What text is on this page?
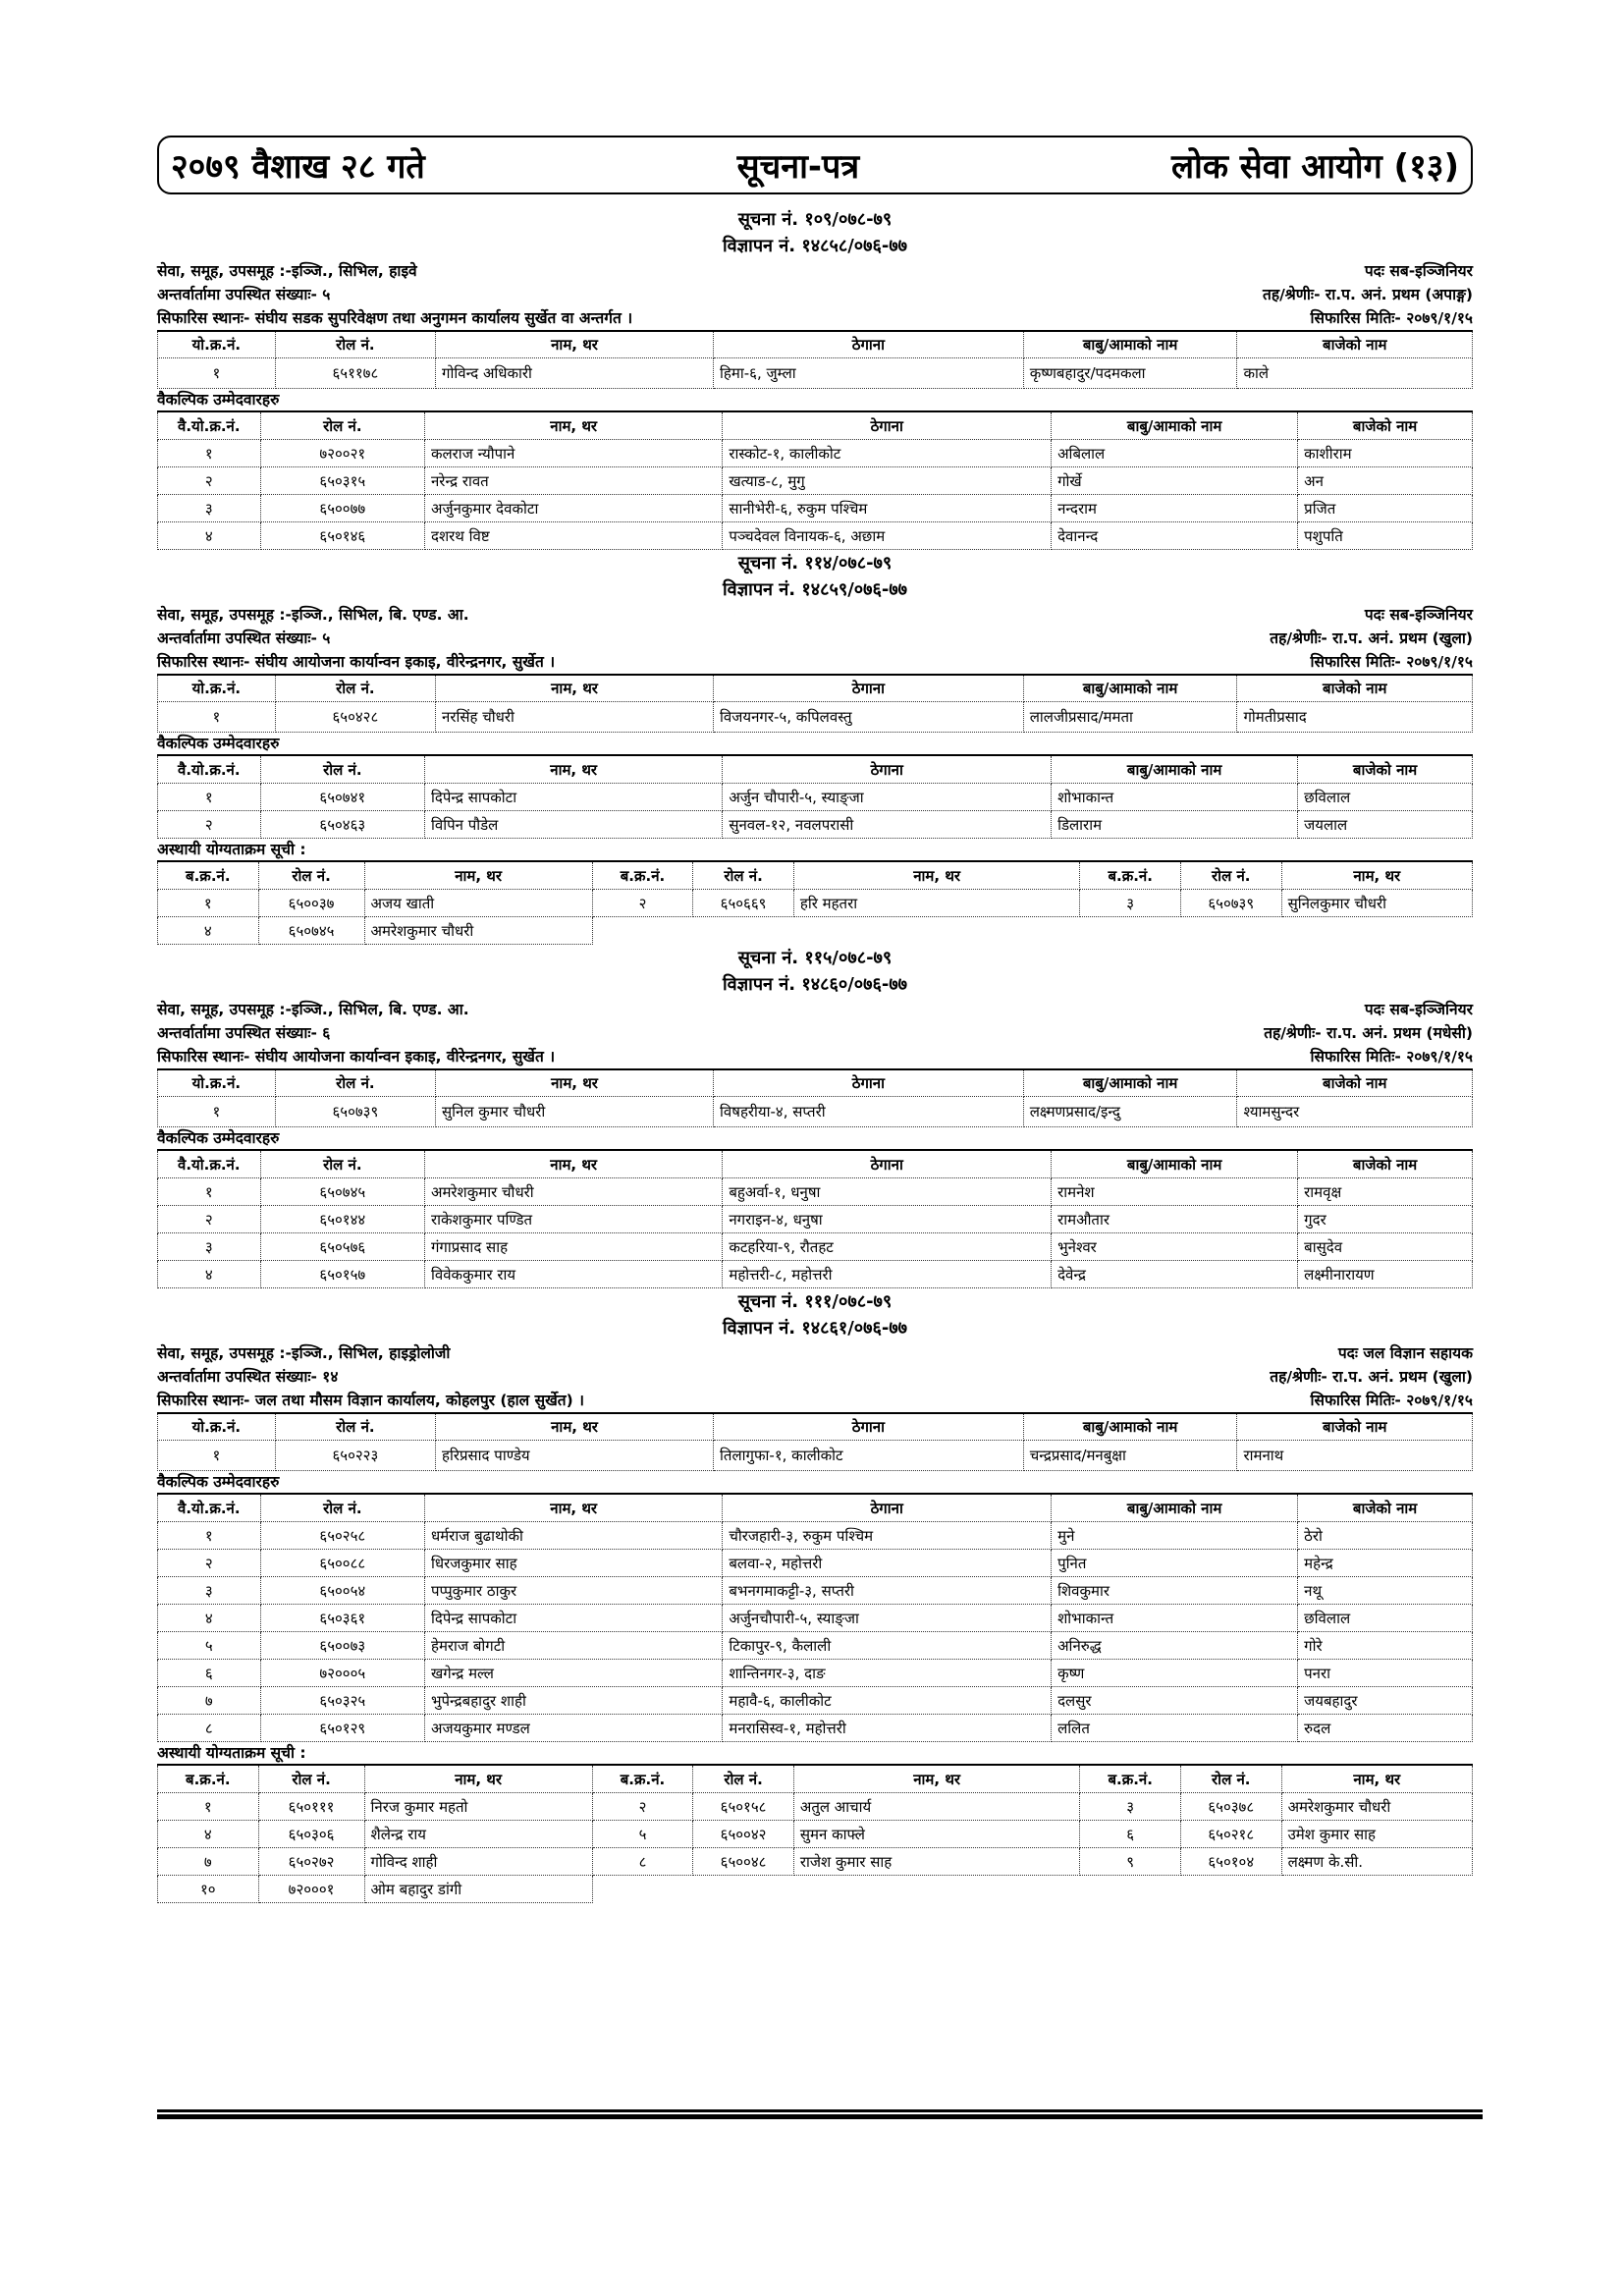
२०७९ वैशाख २८ गते	सूचना-पत्र	लोक सेवा आयोग (१३)
सूचना नं. १०९/०७८-७९
विज्ञापन नं. १४८५८/०७६-७७
सेवा, समूह, उपसमूह :-इञ्जि., सिभिल, हाइवे	पदः सब-इञ्जिनियर
अन्तर्वार्तामा उपस्थित संख्याः- ५	तह/श्रेणीः- रा.प. अनं. प्रथम (अपाङ्ग)
सिफारिस स्थानः- संघीय सडक सुपरिवेक्षण तथा अनुगमन कार्यालय सुर्खेत वा अन्तर्गत ।	सिफारिस मितिः- २०७९/१/१५
यो.क्र.नं.	रोल नं.	नाम, थर	ठेगाना	बाबु/आमाको नाम	बाजेको नाम
१	६५११७८	गोविन्द अधिकारी	हिमा-६, जुम्ला	कृष्णबहादुर/पदमकला	काले
वैकल्पिक उम्मेदवारहरु
वै.यो.क्र.नं.	रोल नं.	नाम, थर	ठेगाना	बाबु/आमाको नाम	बाजेको नाम
१	७२००२१	कलराज न्यौपाने	रास्कोट-१, कालीकोट	अबिलाल	काशीराम
२	६५०३१५	नरेन्द्र रावत	खत्याड-८, मुगु	गोर्खे	अन
३	६५००७७	अर्जुनकुमार देवकोटा	सानीभेरी-६, रुकुम पश्चिम	नन्दराम	प्रजित
४	६५०१४६	दशरथ विष्ट	पञ्चदेवल विनायक-६, अछाम	देवानन्द	पशुपति
सूचना नं. ११४/०७८-७९
विज्ञापन नं. १४८५९/०७६-७७
सेवा, समूह, उपसमूह :-इञ्जि., सिभिल, बि. एण्ड. आ.	पदः सब-इञ्जिनियर
अन्तर्वार्तामा उपस्थित संख्याः- ५	तह/श्रेणीः- रा.प. अनं. प्रथम (खुला)
सिफारिस स्थानः- संघीय आयोजना कार्यान्वन इकाइ, वीरेन्द्रनगर, सुर्खेत ।	सिफारिस मितिः- २०७९/१/१५
यो.क्र.नं.	रोल नं.	नाम, थर	ठेगाना	बाबु/आमाको नाम	बाजेको नाम
१	६५०४२८	नरसिंह चौधरी	विजयनगर-५, कपिलवस्तु	लालजीप्रसाद/ममता	गोमतीप्रसाद
वैकल्पिक उम्मेदवारहरु
वै.यो.क्र.नं.	रोल नं.	नाम, थर	ठेगाना	बाबु/आमाको नाम	बाजेको नाम
१	६५०७४१	दिपेन्द्र सापकोटा	अर्जुन चौपारी-५, स्याङ्जा	शोभाकान्त	छविलाल
२	६५०४६३	विपिन पौडेल	सुनवल-१२, नवलपरासी	डिलाराम	जयलाल
अस्थायी योग्यताक्रम सूची :
ब.क्र.नं.	रोल नं.	नाम, थर	ब.क्र.नं.	रोल नं.	नाम, थर	ब.क्र.नं.	रोल नं.	नाम, थर
१	६५००३७	अजय खाती	२	६५०६६९	हरि महतरा	३	६५०७३९	सुनिलकुमार चौधरी
४	६५०७४५	अमरेशकुमार चौधरी						
सूचना नं. ११५/०७८-७९
विज्ञापन नं. १४८६०/०७६-७७
सेवा, समूह, उपसमूह :-इञ्जि., सिभिल, बि. एण्ड. आ.	पदः सब-इञ्जिनियर
अन्तर्वार्तामा उपस्थित संख्याः- ६	तह/श्रेणीः- रा.प. अनं. प्रथम (मधेसी)
सिफारिस स्थानः- संघीय आयोजना कार्यान्वन इकाइ, वीरेन्द्रनगर, सुर्खेत ।	सिफारिस मितिः- २०७९/१/१५
यो.क्र.नं.	रोल नं.	नाम, थर	ठेगाना	बाबु/आमाको नाम	बाजेको नाम
१	६५०७३९	सुनिल कुमार चौधरी	विषहरीया-४, सप्तरी	लक्ष्मणप्रसाद/इन्दु	श्यामसुन्दर
वैकल्पिक उम्मेदवारहरु
वै.यो.क्र.नं.	रोल नं.	नाम, थर	ठेगाना	बाबु/आमाको नाम	बाजेको नाम
१	६५०७४५	अमरेशकुमार चौधरी	बहुअर्वा-१, धनुषा	रामनेश	रामवृक्ष
२	६५०१४४	राकेशकुमार पण्डित	नगराइन-४, धनुषा	रामऔतार	गुदर
३	६५०५७६	गंगाप्रसाद साह	कटहरिया-९, रौतहट	भुनेश्वर	बासुदेव
४	६५०१५७	विवेककुमार राय	महोत्तरी-८, महोत्तरी	देवेन्द्र	लक्ष्मीनारायण
सूचना नं. १११/०७८-७९
विज्ञापन नं. १४८६१/०७६-७७
सेवा, समूह, उपसमूह :-इञ्जि., सिभिल, हाइड्रोलोजी	पदः जल विज्ञान सहायक
अन्तर्वार्तामा उपस्थित संख्याः- १४	तह/श्रेणीः- रा.प. अनं. प्रथम (खुला)
सिफारिस स्थानः- जल तथा मौसम विज्ञान कार्यालय, कोहलपुर (हाल सुर्खेत) ।	सिफारिस मितिः- २०७९/१/१५
यो.क्र.नं.	रोल नं.	नाम, थर	ठेगाना	बाबु/आमाको नाम	बाजेको नाम
१	६५०२२३	हरिप्रसाद पाण्डेय	तिलागुफा-१, कालीकोट	चन्द्रप्रसाद/मनबुक्षा	रामनाथ
वैकल्पिक उम्मेदवारहरु
वै.यो.क्र.नं.	रोल नं.	नाम, थर	ठेगाना	बाबु/आमाको नाम	बाजेको नाम
१	६५०२५८	धर्मराज बुढाथोकी	चौरजहारी-३, रुकुम पश्चिम	मुने	ठेरो
२	६५००८८	धिरजकुमार साह	बलवा-२, महोत्तरी	पुनित	महेन्द्र
३	६५००५४	पप्पुकुमार ठाकुर	बभनगमाकट्टी-३, सप्तरी	शिवकुमार	नथू
४	६५०३६१	दिपेन्द्र सापकोटा	अर्जुनचौपारी-५, स्याङ्जा	शोभाकान्त	छविलाल
५	६५००७३	हेमराज बोगटी	टिकापुर-९, कैलाली	अनिरुद्ध	गोरे
६	७२०००५	खगेन्द्र मल्ल	शान्तिनगर-३, दाङ	कृष्ण	पनरा
७	६५०३२५	भुपेन्द्रबहादुर शाही	महावै-६, कालीकोट	दलसुर	जयबहादुर
८	६५०१२९	अजयकुमार मण्डल	मनरासिस्व-१, महोत्तरी	ललित	रुदल
अस्थायी योग्यताक्रम सूची :
ब.क्र.नं.	रोल नं.	नाम, थर	ब.क्र.नं.	रोल नं.	नाम, थर	ब.क्र.नं.	रोल नं.	नाम, थर
१	६५०१११	निरज कुमार महतो	२	६५०१५८	अतुल आचार्य	३	६५०३७८	अमरेशकुमार चौधरी
४	६५०३०६	शैलेन्द्र राय	५	६५००४२	सुमन काफ्ले	६	६५०२१८	उमेश कुमार साह
७	६५०२७२	गोविन्द शाही	८	६५००४८	राजेश कुमार साह	९	६५०१०४	लक्ष्मण के.सी.
१०	७२०००१	ओम बहादुर डांगी						
